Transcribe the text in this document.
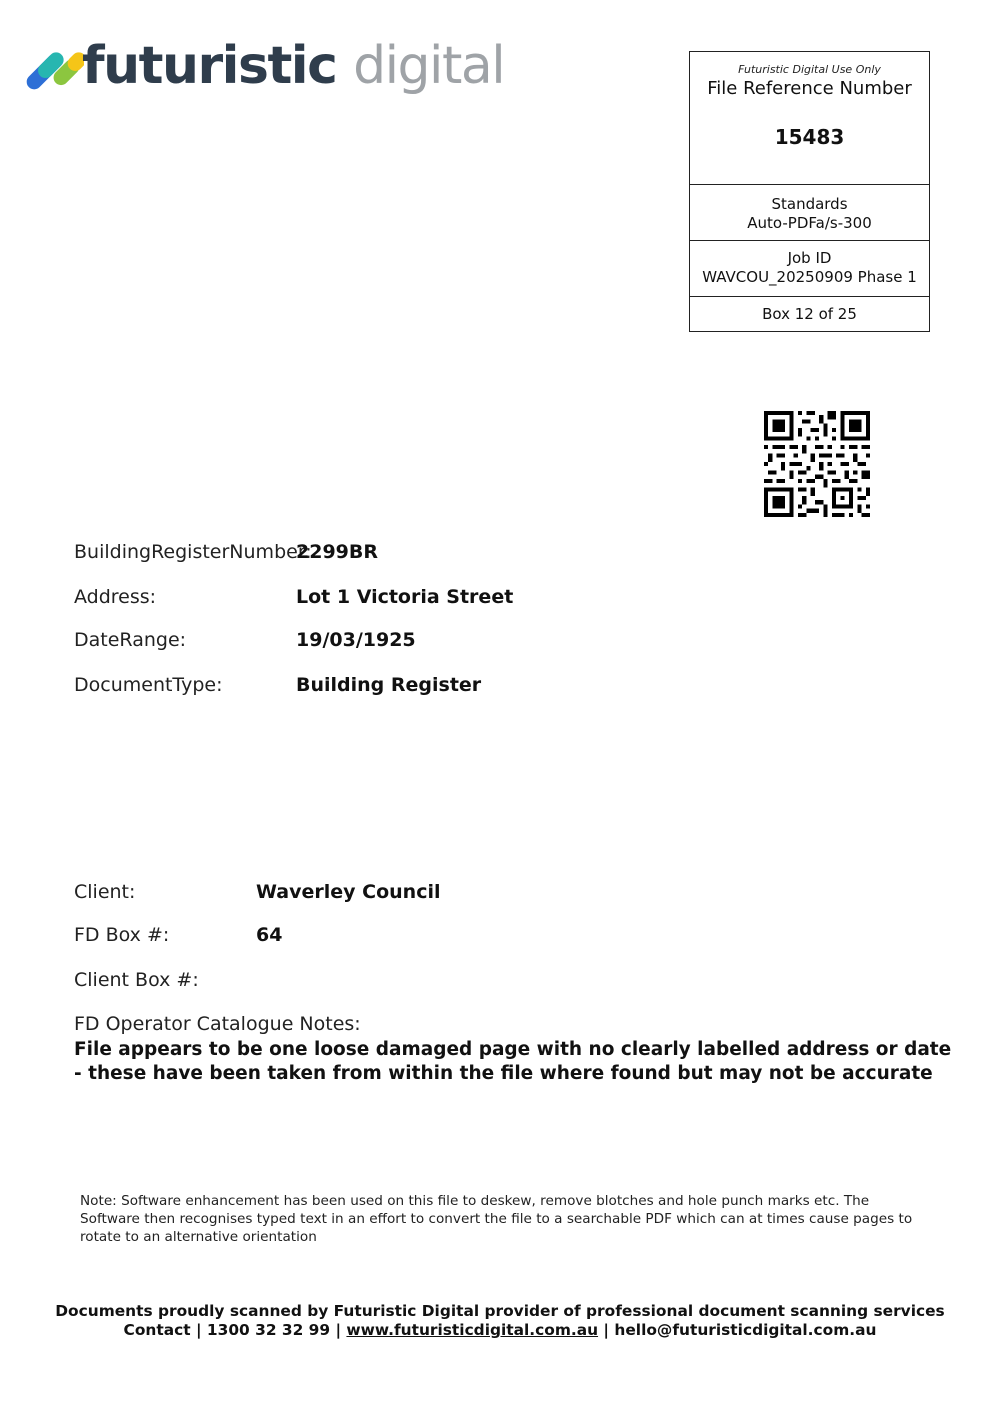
futuristic digital	Futuristic Digital Use Only
File Reference Number
15483
Standards
Auto-PDFa/s-300
Job ID
WAVCOU_20250909 Phase 1
Box 12 of 25
BuildingRegisterNumber:
2299BR
Address:	Lot 1 Victoria Street
DateRange:	19/03/1925
DocumentType:	Building Register
Client:	Waverley Council
FD Box #:	64
Client Box #:
FD Operator Catalogue Notes:
File appears to be one loose damaged page with no clearly labelled address or date - these have been taken from within the file where found but may not be accurate
Note: Software enhancement has been used on this file to deskew, remove blotches and hole punch marks etc. The Software then recognises typed text in an effort to convert the file to a searchable PDF which can at times cause pages to rotate to an alternative orientation
Documents proudly scanned by Futuristic Digital provider of professional document scanning services
Contact | 1300 32 32 99 | www.futuristicdigital.com.au | hello@futuristicdigital.com.au
